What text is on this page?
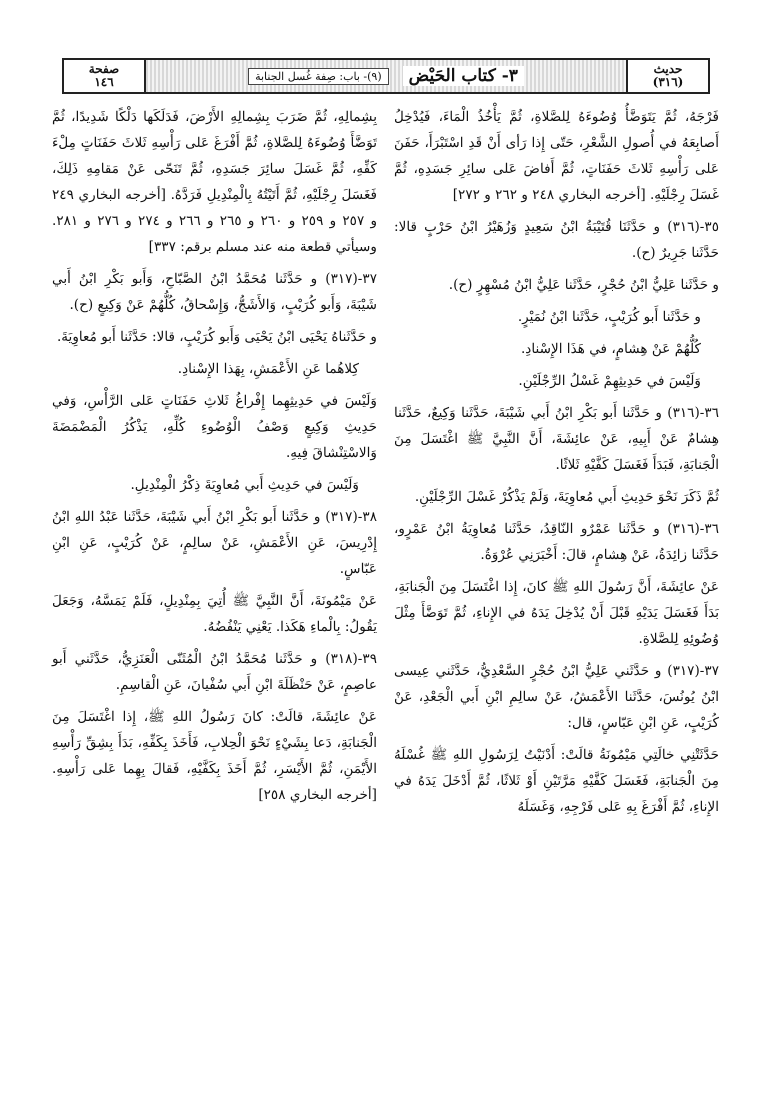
حديث
(٣١٦)
٣- كتاب الحَيْض
(٩)- باب: صِفة غُسل الجنابة
صفحة
١٤٦

فَرْجَهُ، ثُمَّ يَتَوَضَّأُ وُضُوءَهُ لِلصَّلاةِ، ثُمَّ يَأْخُذُ الْمَاءَ، فَيُدْخِلُ أَصابِعَهُ في أُصولِ الشَّعْرِ، حَتّى إِذا رَأى أَنْ قَدِ اسْتَبْرَأَ، حَفَنَ عَلى رَأْسِهِ ثَلاثَ حَفَنَاتٍ، ثُمَّ أَفاضَ عَلى سائِرِ جَسَدِهِ، ثُمَّ غَسَلَ رِجْلَيْهِ. [أخرجه البخاري ٢٤٨ و ٢٦٢ و ٢٧٢]

٣٥-(٣١٦) و حَدَّثَنَا قُتَيْبَةُ ابْنُ سَعِيدٍ وَزُهَيْرُ ابْنُ حَرْبٍ قالا: حَدَّثَنا جَرِيرٌ (ح).

و حَدَّثَنا عَلِيُّ ابْنُ حُجْرٍ، حَدَّثَنا عَلِيُّ ابْنُ مُسْهِرٍ (ح).

و حَدَّثَنا أَبو كُرَيْبٍ، حَدَّثَنا ابْنُ نُمَيْرٍ.

كُلُّهُمْ عَنْ هِشامٍ، في هَذَا الإِسْنادِ.

وَلَيْسَ في حَدِيثِهِمْ غَسْلُ الرِّجْلَيْنِ.

٣٦-(٣١٦) و حَدَّثَنا أَبو بَكْرِ ابْنُ أَبي شَيْبَةَ، حَدَّثَنا وَكِيعٌ، حَدَّثَنا هِشامٌ عَنْ أَبِيهِ، عَنْ عائِشَةَ، أَنَّ النَّبِيَّ ﷺ اغْتَسَلَ مِنَ الْجَنابَةِ، فَبَدَأَ فَغَسَلَ كَفَّيْهِ ثَلاثًا.

ثُمَّ ذَكَرَ نَحْوَ حَدِيثِ أَبي مُعاوِيَةَ، وَلَمْ يَذْكُرْ غَسْلَ الرِّجْلَيْنِ.

٣٦-(٣١٦) و حَدَّثَنا عَمْرٌو النّاقِدُ، حَدَّثَنا مُعاوِيَةُ ابْنُ عَمْرٍو، حَدَّثَنا زائِدَةُ، عَنْ هِشامٍ، قالَ: أَخْبَرَنِي عُرْوَةُ.

عَنْ عائِشَةَ، أَنَّ رَسُولَ اللهِ ﷺ كانَ، إِذا اغْتَسَلَ مِنَ الْجَنابَةِ، بَدَأَ فَغَسَلَ يَدَيْهِ قَبْلَ أَنْ يُدْخِلَ يَدَهُ في الإِناءِ، ثُمَّ تَوَضَّأَ مِثْلَ وُضُوئِهِ لِلصَّلاةِ.

٣٧-(٣١٧) و حَدَّثَني عَلِيُّ ابْنُ حُجْرٍ السَّعْدِيُّ، حَدَّثَني عِيسى ابْنُ يُونُسَ، حَدَّثَنا الأَعْمَشُ، عَنْ سالِمِ ابْنِ أَبي الْجَعْدِ، عَنْ كُرَيْبٍ، عَنِ ابْنِ عَبّاسٍ، قال:

حَدَّثَتْنِي خالَتِي مَيْمُونَةُ قالَتْ: أَدْنَيْتُ لِرَسُولِ اللهِ ﷺ غُسْلَهُ مِنَ الْجَنابَةِ، فَغَسَلَ كَفَّيْهِ مَرَّتَيْنِ أَوْ ثَلاثًا، ثُمَّ أَدْخَلَ يَدَهُ في الإِناءِ، ثُمَّ أَفْرَغَ بِهِ عَلى فَرْجِهِ، وَغَسَلَهُ

بِشِمالِهِ، ثُمَّ ضَرَبَ بِشِمالِهِ الأَرْضَ، فَدَلَكَها دَلْكًا شَدِيدًا، ثُمَّ تَوَضَّأَ وُضُوءَهُ لِلصَّلاةِ، ثُمَّ أَفْرَغَ عَلى رَأْسِهِ ثَلاثَ حَفَنَاتٍ مِلْءَ كَفِّهِ، ثُمَّ غَسَلَ سائِرَ جَسَدِهِ، ثُمَّ تَنَحّى عَنْ مَقامِهِ ذَلِكَ، فَغَسَلَ رِجْلَيْهِ، ثُمَّ أَتَيْتُهُ بِالْمِنْدِيلِ فَرَدَّهُ. [أخرجه البخاري ٢٤٩ و ٢٥٧ و ٢٥٩ و ٢٦٠ و ٢٦٥ و ٢٦٦ و ٢٧٤ و ٢٧٦ و ٢٨١. وسيأتي قطعة منه عند مسلم برقم: ٣٣٧]

٣٧-(٣١٧) و حَدَّثَنا مُحَمَّدُ ابْنُ الصَّبّاحِ، وَأَبو بَكْرِ ابْنُ أَبي شَيْبَةَ، وَأَبو كُرَيْبٍ، وَالأَشَجُّ، وَإِسْحاقُ، كُلُّهُمْ عَنْ وَكِيعٍ (ح).

و حَدَّثَناهُ يَحْيَى ابْنُ يَحْيَى وَأَبو كُرَيْبٍ، قالا: حَدَّثَنا أَبو مُعاوِيَةَ.

كِلاهُما عَنِ الأَعْمَشِ، بِهَذا الإِسْنادِ.

وَلَيْسَ في حَدِيثِهِما إِفْراغُ ثَلاثِ حَفَنَاتٍ عَلى الرَّأْسِ، وَفي حَدِيثِ وَكِيعٍ وَصْفُ الْوُضُوءِ كُلِّهِ، يَذْكُرُ الْمَضْمَضَةَ وَالاسْتِنْشاقَ فِيهِ.

وَلَيْسَ في حَدِيثِ أَبي مُعاوِيَةَ ذِكْرُ الْمِنْدِيلِ.

٣٨-(٣١٧) و حَدَّثَنا أَبو بَكْرِ ابْنُ أَبي شَيْبَةَ، حَدَّثَنا عَبْدُ اللهِ ابْنُ إِدْرِيسَ، عَنِ الأَعْمَشِ، عَنْ سالِمٍ، عَنْ كُرَيْبٍ، عَنِ ابْنِ عَبّاسٍ.

عَنْ مَيْمُونَةَ، أَنَّ النَّبِيَّ ﷺ أُتِيَ بِمِنْدِيلٍ، فَلَمْ يَمَسَّهُ، وَجَعَلَ يَقُولُ: بِالْماءِ هَكَذا. يَعْنِي يَنْفُضُهُ.

٣٩-(٣١٨) و حَدَّثَنا مُحَمَّدُ ابْنُ الْمُثَنّى الْعَنَزِيُّ، حَدَّثَني أَبو عاصِمٍ، عَنْ حَنْظَلَةَ ابْنِ أَبي سُفْيانَ، عَنِ الْقاسِمِ.

عَنْ عائِشَةَ، قالَتْ: كانَ رَسُولُ اللهِ ﷺ، إِذا اغْتَسَلَ مِنَ الْجَنابَةِ، دَعا بِشَيْءٍ نَحْوَ الْحِلابِ، فَأَخَذَ بِكَفِّهِ، بَدَأَ بِشِقِّ رَأْسِهِ الأَيْمَنِ، ثُمَّ الأَيْسَرِ، ثُمَّ أَخَذَ بِكَفَّيْهِ، فَقالَ بِهِما عَلى رَأْسِهِ. [أخرجه البخاري ٢٥٨]
